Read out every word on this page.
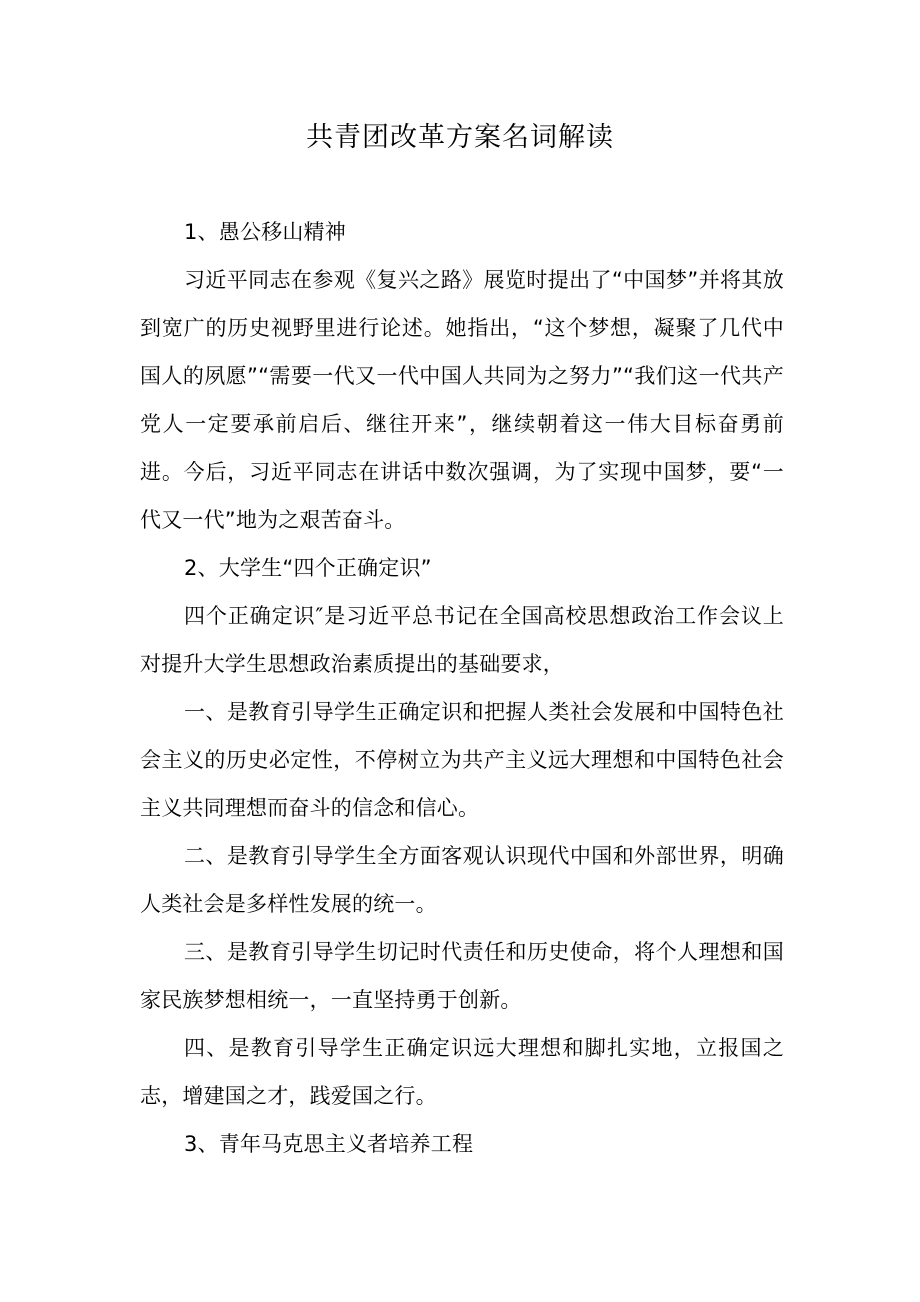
共青团改革方案名词解读

1、愚公移山精神

习近平同志在参观《复兴之路》展览时提出了“中国梦”并将其放到宽广的历史视野里进行论述。她指出，“这个梦想，凝聚了几代中国人的夙愿”“需要一代又一代中国人共同为之努力”“我们这一代共产党人一定要承前启后、继往开来”，继续朝着这一伟大目标奋勇前进。今后，习近平同志在讲话中数次强调，为了实现中国梦，要“一代又一代”地为之艰苦奋斗。

2、大学生“四个正确定识”

四个正确定识″是习近平总书记在全国高校思想政治工作会议上对提升大学生思想政治素质提出的基础要求，

一、是教育引导学生正确定识和把握人类社会发展和中国特色社会主义的历史必定性，不停树立为共产主义远大理想和中国特色社会主义共同理想而奋斗的信念和信心。

二、是教育引导学生全方面客观认识现代中国和外部世界，明确人类社会是多样性发展的统一。

三、是教育引导学生切记时代责任和历史使命，将个人理想和国家民族梦想相统一，一直坚持勇于创新。

四、是教育引导学生正确定识远大理想和脚扎实地，立报国之志，增建国之才，践爱国之行。

3、青年马克思主义者培养工程
